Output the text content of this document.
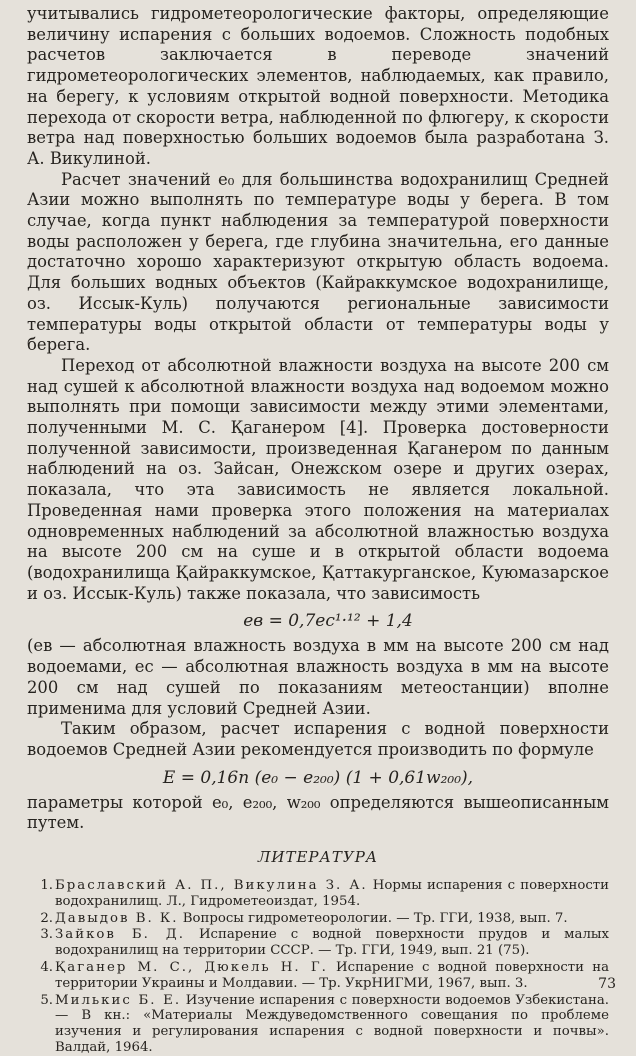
учитывались гидрометеорологические факторы, определяющие величину испарения с больших водоемов. Сложность подобных расчетов заключается в переводе значений гидрометеорологических элементов, наблюдаемых, как правило, на берегу, к условиям открытой водной поверхности. Методика перехода от скорости ветра, наблюденной по флюгеру, к скорости ветра над поверхностью больших водоемов была разработана З. А. Викулиной.

Расчет значений e₀ для большинства водохранилищ Средней Азии можно выполнять по температуре воды у берега. В том случае, когда пункт наблюдения за температурой поверхности воды расположен у берега, где глубина значительна, его данные достаточно хорошо характеризуют открытую область водоема. Для больших водных объектов (Кайраккумское водохранилище, оз. Иссык-Куль) получаются региональные зависимости температуры воды открытой области от температуры воды у берега.

Переход от абсолютной влажности воздуха на высоте 200 см над сушей к абсолютной влажности воздуха над водоемом можно выполнять при помощи зависимости между этими элементами, полученными М. С. Қаганером [4]. Проверка достоверности полученной зависимости, произведенная Қаганером по данным наблюдений на оз. Зайсан, Онежском озере и других озерах, показала, что эта зависимость не является локальной. Проведенная нами проверка этого положения на материалах одновременных наблюдений за абсолютной влажностью воздуха на высоте 200 см на суше и в открытой области водоема (водохранилища Қайраккумское, Қаттакурганское, Куюмазарское и оз. Иссык-Куль) также показала, что зависимость

eв = 0,7ec¹·¹² + 1,4

(eв — абсолютная влажность воздуха в мм на высоте 200 см над водоемами, ec — абсолютная влажность воздуха в мм на высоте 200 см над сушей по показаниям метеостанции) вполне применима для условий Средней Азии.

Таким образом, расчет испарения с водной поверхности водоемов Средней Азии рекомендуется производить по формуле

E = 0,16n (e₀ − e₂₀₀) (1 + 0,61w₂₀₀),

параметры которой e₀, e₂₀₀, w₂₀₀ определяются вышеописанным путем.

ЛИТЕРАТУРА
1. Браславский А. П., Викулина З. А. Нормы испарения с поверхности водохранилищ. Л., Гидрометеоиздат, 1954.
2. Давыдов В. К. Вопросы гидрометеорологии. — Тр. ГГИ, 1938, вып. 7.
3. Зайков Б. Д. Испарение с водной поверхности прудов и малых водохранилищ на территории СССР. — Тр. ГГИ, 1949, вып. 21 (75).
4. Қаганер М. С., Дюкель Н. Г. Испарение с водной поверхности на территории Украины и Молдавии. — Тр. УкрНИГМИ, 1967, вып. 3.
5. Милькис Б. Е. Изучение испарения с поверхности водоемов Узбекистана. — В кн.: «Материалы Междуведомственного совещания по проблеме изучения и регулирования испарения с водной поверхности и почвы». Валдай, 1964.
73
